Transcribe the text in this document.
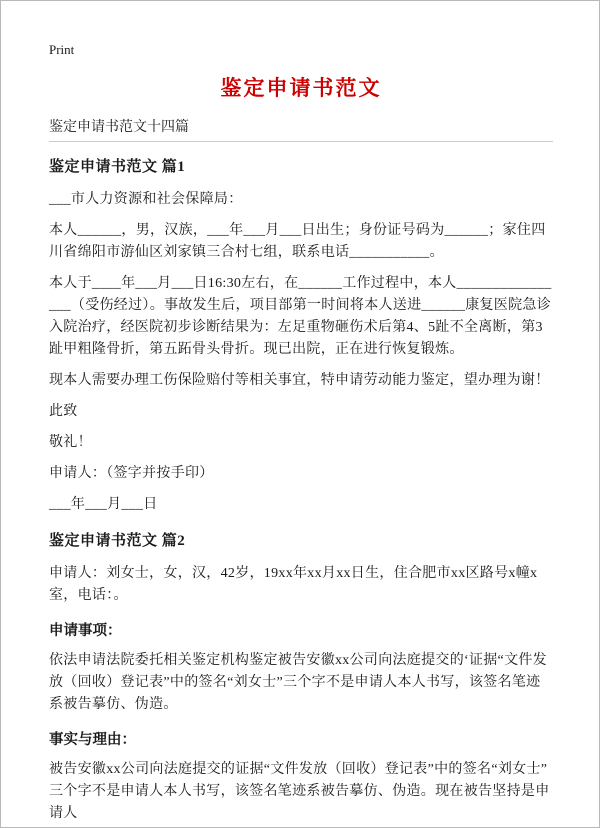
Print
鉴定申请书范文
鉴定申请书范文十四篇
鉴定申请书范文 篇1

___市人力资源和社会保障局：

本人______，男，汉族，___年___月___日出生；身份证号码为______；家住四川省绵阳市游仙区刘家镇三合村七组，联系电话___________。

本人于____年___月___日16:30左右，在______工作过程中，本人________________（受伤经过）。事故发生后，项目部第一时间将本人送进______康复医院急诊入院治疗，经医院初步诊断结果为：左足重物砸伤术后第4、5趾不全离断，第3趾甲粗隆骨折，第五跖骨头骨折。现已出院，正在进行恢复锻炼。

现本人需要办理工伤保险赔付等相关事宜，特申请劳动能力鉴定，望办理为谢！

此致

敬礼！

申请人：（签字并按手印）

___年___月___日

鉴定申请书范文 篇2

申请人：刘女士，女，汉，42岁，19xx年xx月xx日生，住合肥市xx区路号x幢x室，电话：。

申请事项：

依法申请法院委托相关鉴定机构鉴定被告安徽xx公司向法庭提交的‘证据“文件发放（回收）登记表”中的签名“刘女士”三个字不是申请人本人书写，该签名笔迹系被告摹仿、伪造。

事实与理由：

被告安徽xx公司向法庭提交的证据“文件发放（回收）登记表”中的签名“刘女士”三个字不是申请人本人书写，该签名笔迹系被告摹仿、伪造。现在被告坚持是申请人
